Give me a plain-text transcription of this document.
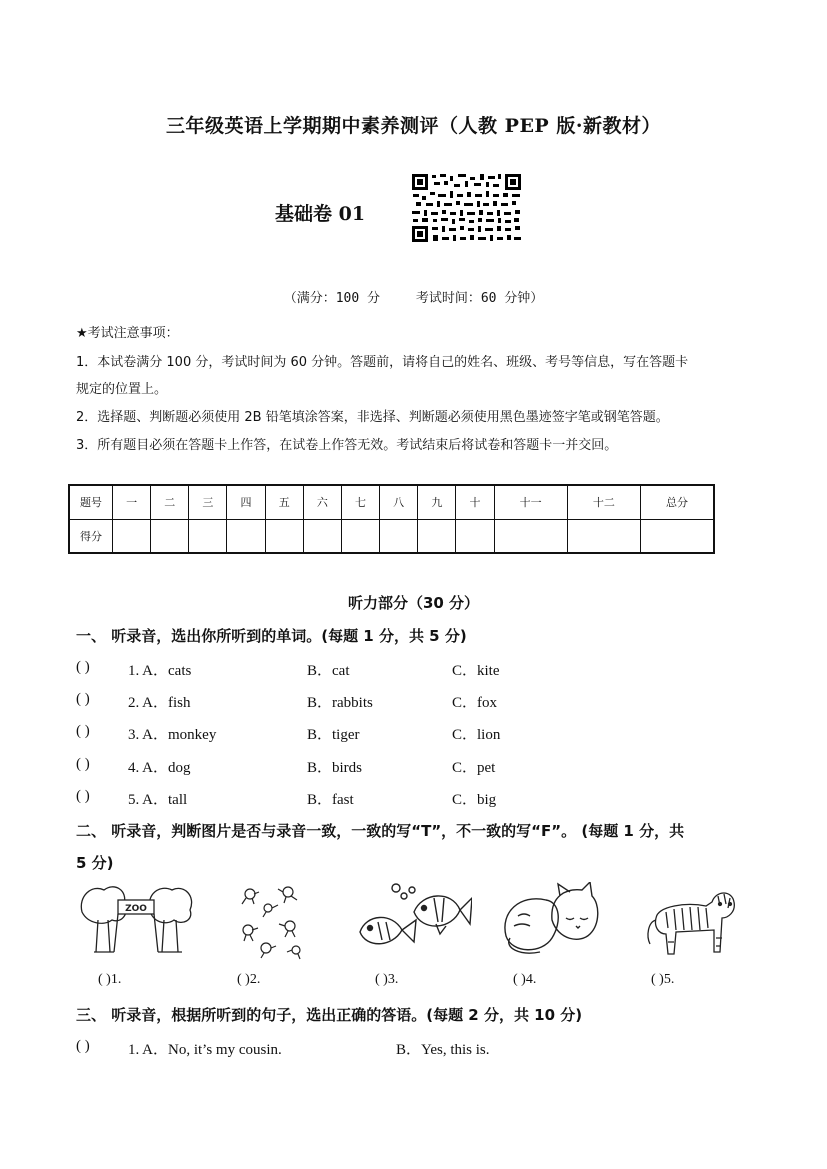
三年级英语上学期期中素养测评（人教 PEP 版·新教材）
基础卷 01
（满分：100 分	考试时间：60 分钟）
★考试注意事项：
1．本试卷满分 100 分，考试时间为 60 分钟。答题前，请将自己的姓名、班级、考号等信息，写在答题卡
规定的位置上。
2．选择题、判断题必须使用 2B 铅笔填涂答案，非选择、判断题必须使用黑色墨迹签字笔或钢笔答题。
3．所有题目必须在答题卡上作答，在试卷上作答无效。考试结束后将试卷和答题卡一并交回。
题号	一	二	三	四	五	六	七	八	九	十	十一	十二	总分
得分													
听力部分（30 分）
一、 听录音，选出你所听到的单词。(每题 1 分，共 5 分)
( )	1. A．cats	B．cat	C．kite
( )	2. A．fish	B．rabbits	C．fox
( )	3. A．monkey	B．tiger	C．lion
( )	4. A．dog	B．birds	C．pet
( )	5. A．tall	B．fast	C．big
二、 听录音，判断图片是否与录音一致，一致的写“T”，不一致的写“F”。 (每题 1 分，共
5 分)
ZOO
( )1.	( )2.	( )3.	( )4.	( )5.
三、 听录音，根据所听到的句子，选出正确的答语。(每题 2 分，共 10 分)
( )	1. A．No, it’s my cousin.	B．Yes, this is.
